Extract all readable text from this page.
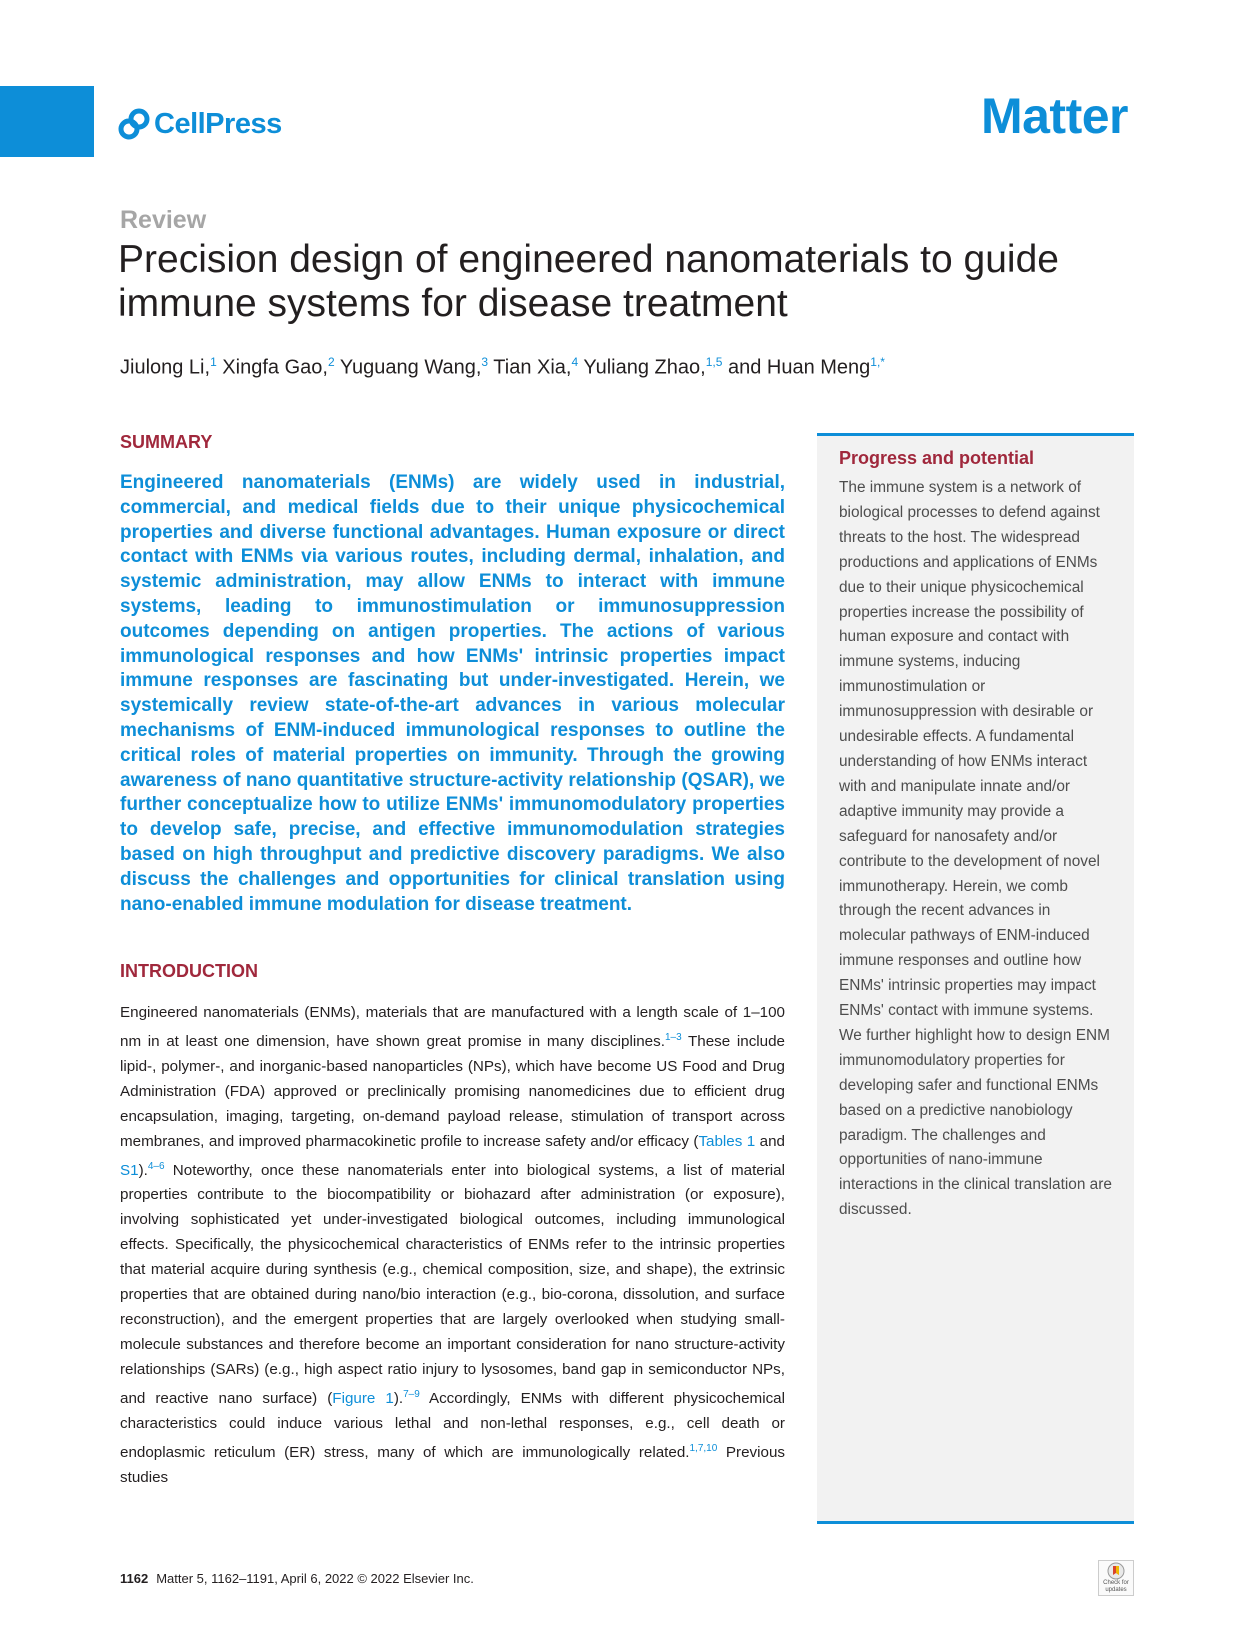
CellPress	Matter
Review
Precision design of engineered nanomaterials to guide immune systems for disease treatment
Jiulong Li,$^1$ Xingfa Gao,$^2$ Yuguang Wang,$^3$ Tian Xia,$^4$ Yuliang Zhao,$^{1,5}$ and Huan Meng$^{1,*}$
SUMMARY

Engineered nanomaterials (ENMs) are widely used in industrial, commercial, and medical fields due to their unique physicochemical properties and diverse functional advantages. Human exposure or direct contact with ENMs via various routes, including dermal, inhalation, and systemic administration, may allow ENMs to interact with immune systems, leading to immunostimulation or immunosuppression outcomes depending on antigen properties. The actions of various immunological responses and how ENMs' intrinsic properties impact immune responses are fascinating but under-investigated. Herein, we systemically review state-of-the-art advances in various molecular mechanisms of ENM-induced immunological responses to outline the critical roles of material properties on immunity. Through the growing awareness of nano quantitative structure-activity relationship (QSAR), we further conceptualize how to utilize ENMs' immunomodulatory properties to develop safe, precise, and effective immunomodulation strategies based on high throughput and predictive discovery paradigms. We also discuss the challenges and opportunities for clinical translation using nano-enabled immune modulation for disease treatment.

INTRODUCTION

Engineered nanomaterials (ENMs), materials that are manufactured with a length scale of 1–100 nm in at least one dimension, have shown great promise in many disciplines.$^{1-3}$ These include lipid-, polymer-, and inorganic-based nanoparticles (NPs), which have become US Food and Drug Administration (FDA) approved or preclinically promising nanomedicines due to efficient drug encapsulation, imaging, targeting, on-demand payload release, stimulation of transport across membranes, and improved pharmacokinetic profile to increase safety and/or efficacy (Tables 1 and S1).$^{4-6}$ Noteworthy, once these nanomaterials enter into biological systems, a list of material properties contribute to the biocompatibility or biohazard after administration (or exposure), involving sophisticated yet under-investigated biological outcomes, including immunological effects. Specifically, the physicochemical characteristics of ENMs refer to the intrinsic properties that material acquire during synthesis (e.g., chemical composition, size, and shape), the extrinsic properties that are obtained during nano/bio interaction (e.g., bio-corona, dissolution, and surface reconstruction), and the emergent properties that are largely overlooked when studying small-molecule substances and therefore become an important consideration for nano structure-activity relationships (SARs) (e.g., high aspect ratio injury to lysosomes, band gap in semiconductor NPs, and reactive nano surface) (Figure 1).$^{7-9}$ Accordingly, ENMs with different physicochemical characteristics could induce various lethal and non-lethal responses, e.g., cell death or endoplasmic reticulum (ER) stress, many of which are immunologically related.$^{1,7,10}$ Previous studies

Progress and potential

The immune system is a network of biological processes to defend against threats to the host. The widespread productions and applications of ENMs due to their unique physicochemical properties increase the possibility of human exposure and contact with immune systems, inducing immunostimulation or immunosuppression with desirable or undesirable effects. A fundamental understanding of how ENMs interact with and manipulate innate and/or adaptive immunity may provide a safeguard for nanosafety and/or contribute to the development of novel immunotherapy. Herein, we comb through the recent advances in molecular pathways of ENM-induced immune responses and outline how ENMs' intrinsic properties may impact ENMs' contact with immune systems. We further highlight how to design ENM immunomodulatory properties for developing safer and functional ENMs based on a predictive nanobiology paradigm. The challenges and opportunities of nano-immune interactions in the clinical translation are discussed.

1162 Matter 5, 1162–1191, April 6, 2022 © 2022 Elsevier Inc.	Check for updates
